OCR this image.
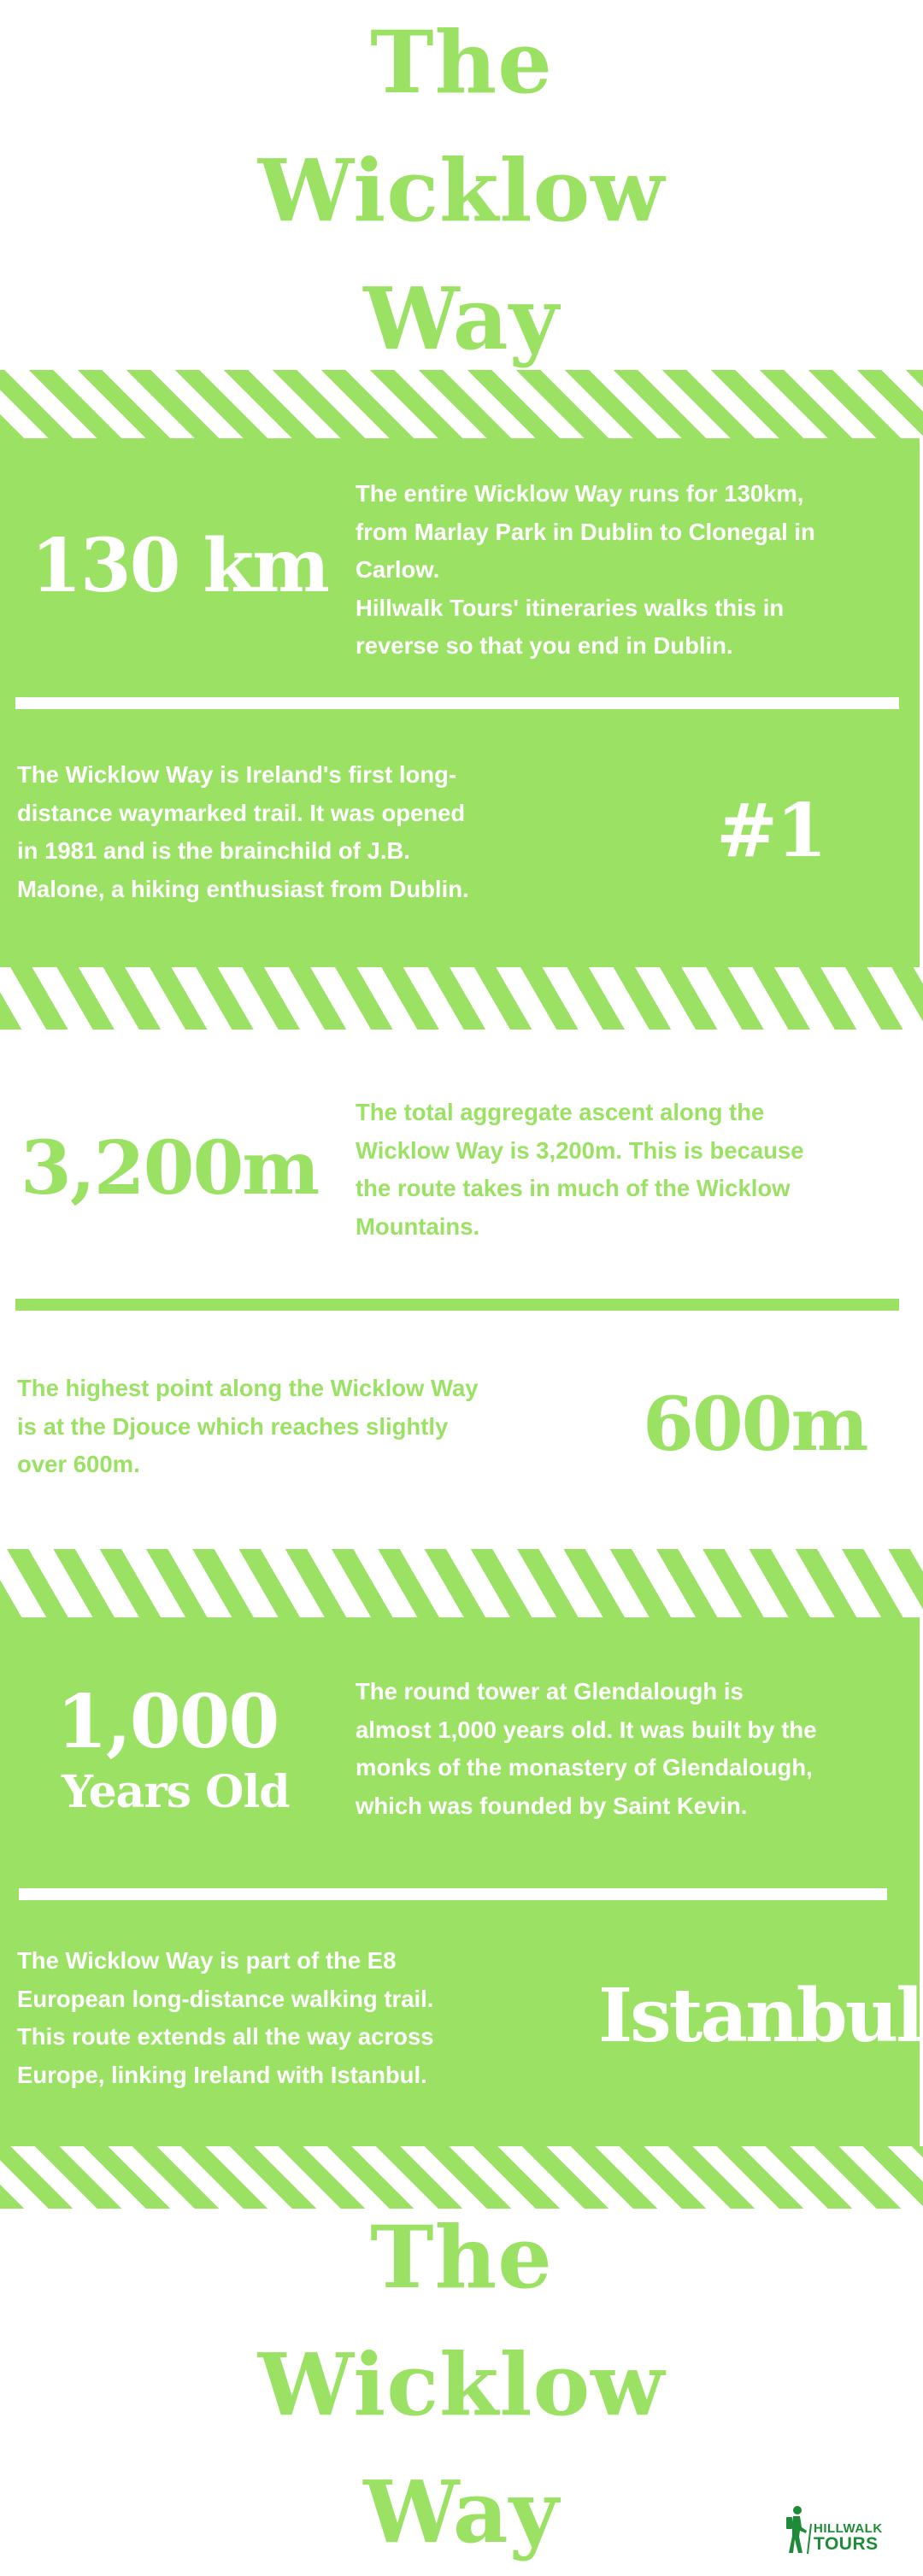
The
Wicklow
Way
130 km
The entire Wicklow Way runs for 130km,
from Marlay Park in Dublin to Clonegal in
Carlow.
Hillwalk Tours' itineraries walks this in
reverse so that you end in Dublin.
The Wicklow Way is Ireland's first long-
distance waymarked trail. It was opened
in 1981 and is the brainchild of J.B.
Malone, a hiking enthusiast from Dublin.
#1
3,200m
The total aggregate ascent along the
Wicklow Way is 3,200m. This is because
the route takes in much of the Wicklow
Mountains.
The highest point along the Wicklow Way
is at the Djouce which reaches slightly
over 600m.	600m
1,000
Years Old
The round tower at Glendalough is
almost 1,000 years old. It was built by the
monks of the monastery of Glendalough,
which was founded by Saint Kevin.
The Wicklow Way is part of the E8
European long-distance walking trail.
This route extends all the way across
Europe, linking Ireland with Istanbul.
Istanbul
The
Wicklow
Way	HILLWALK
TOURS
